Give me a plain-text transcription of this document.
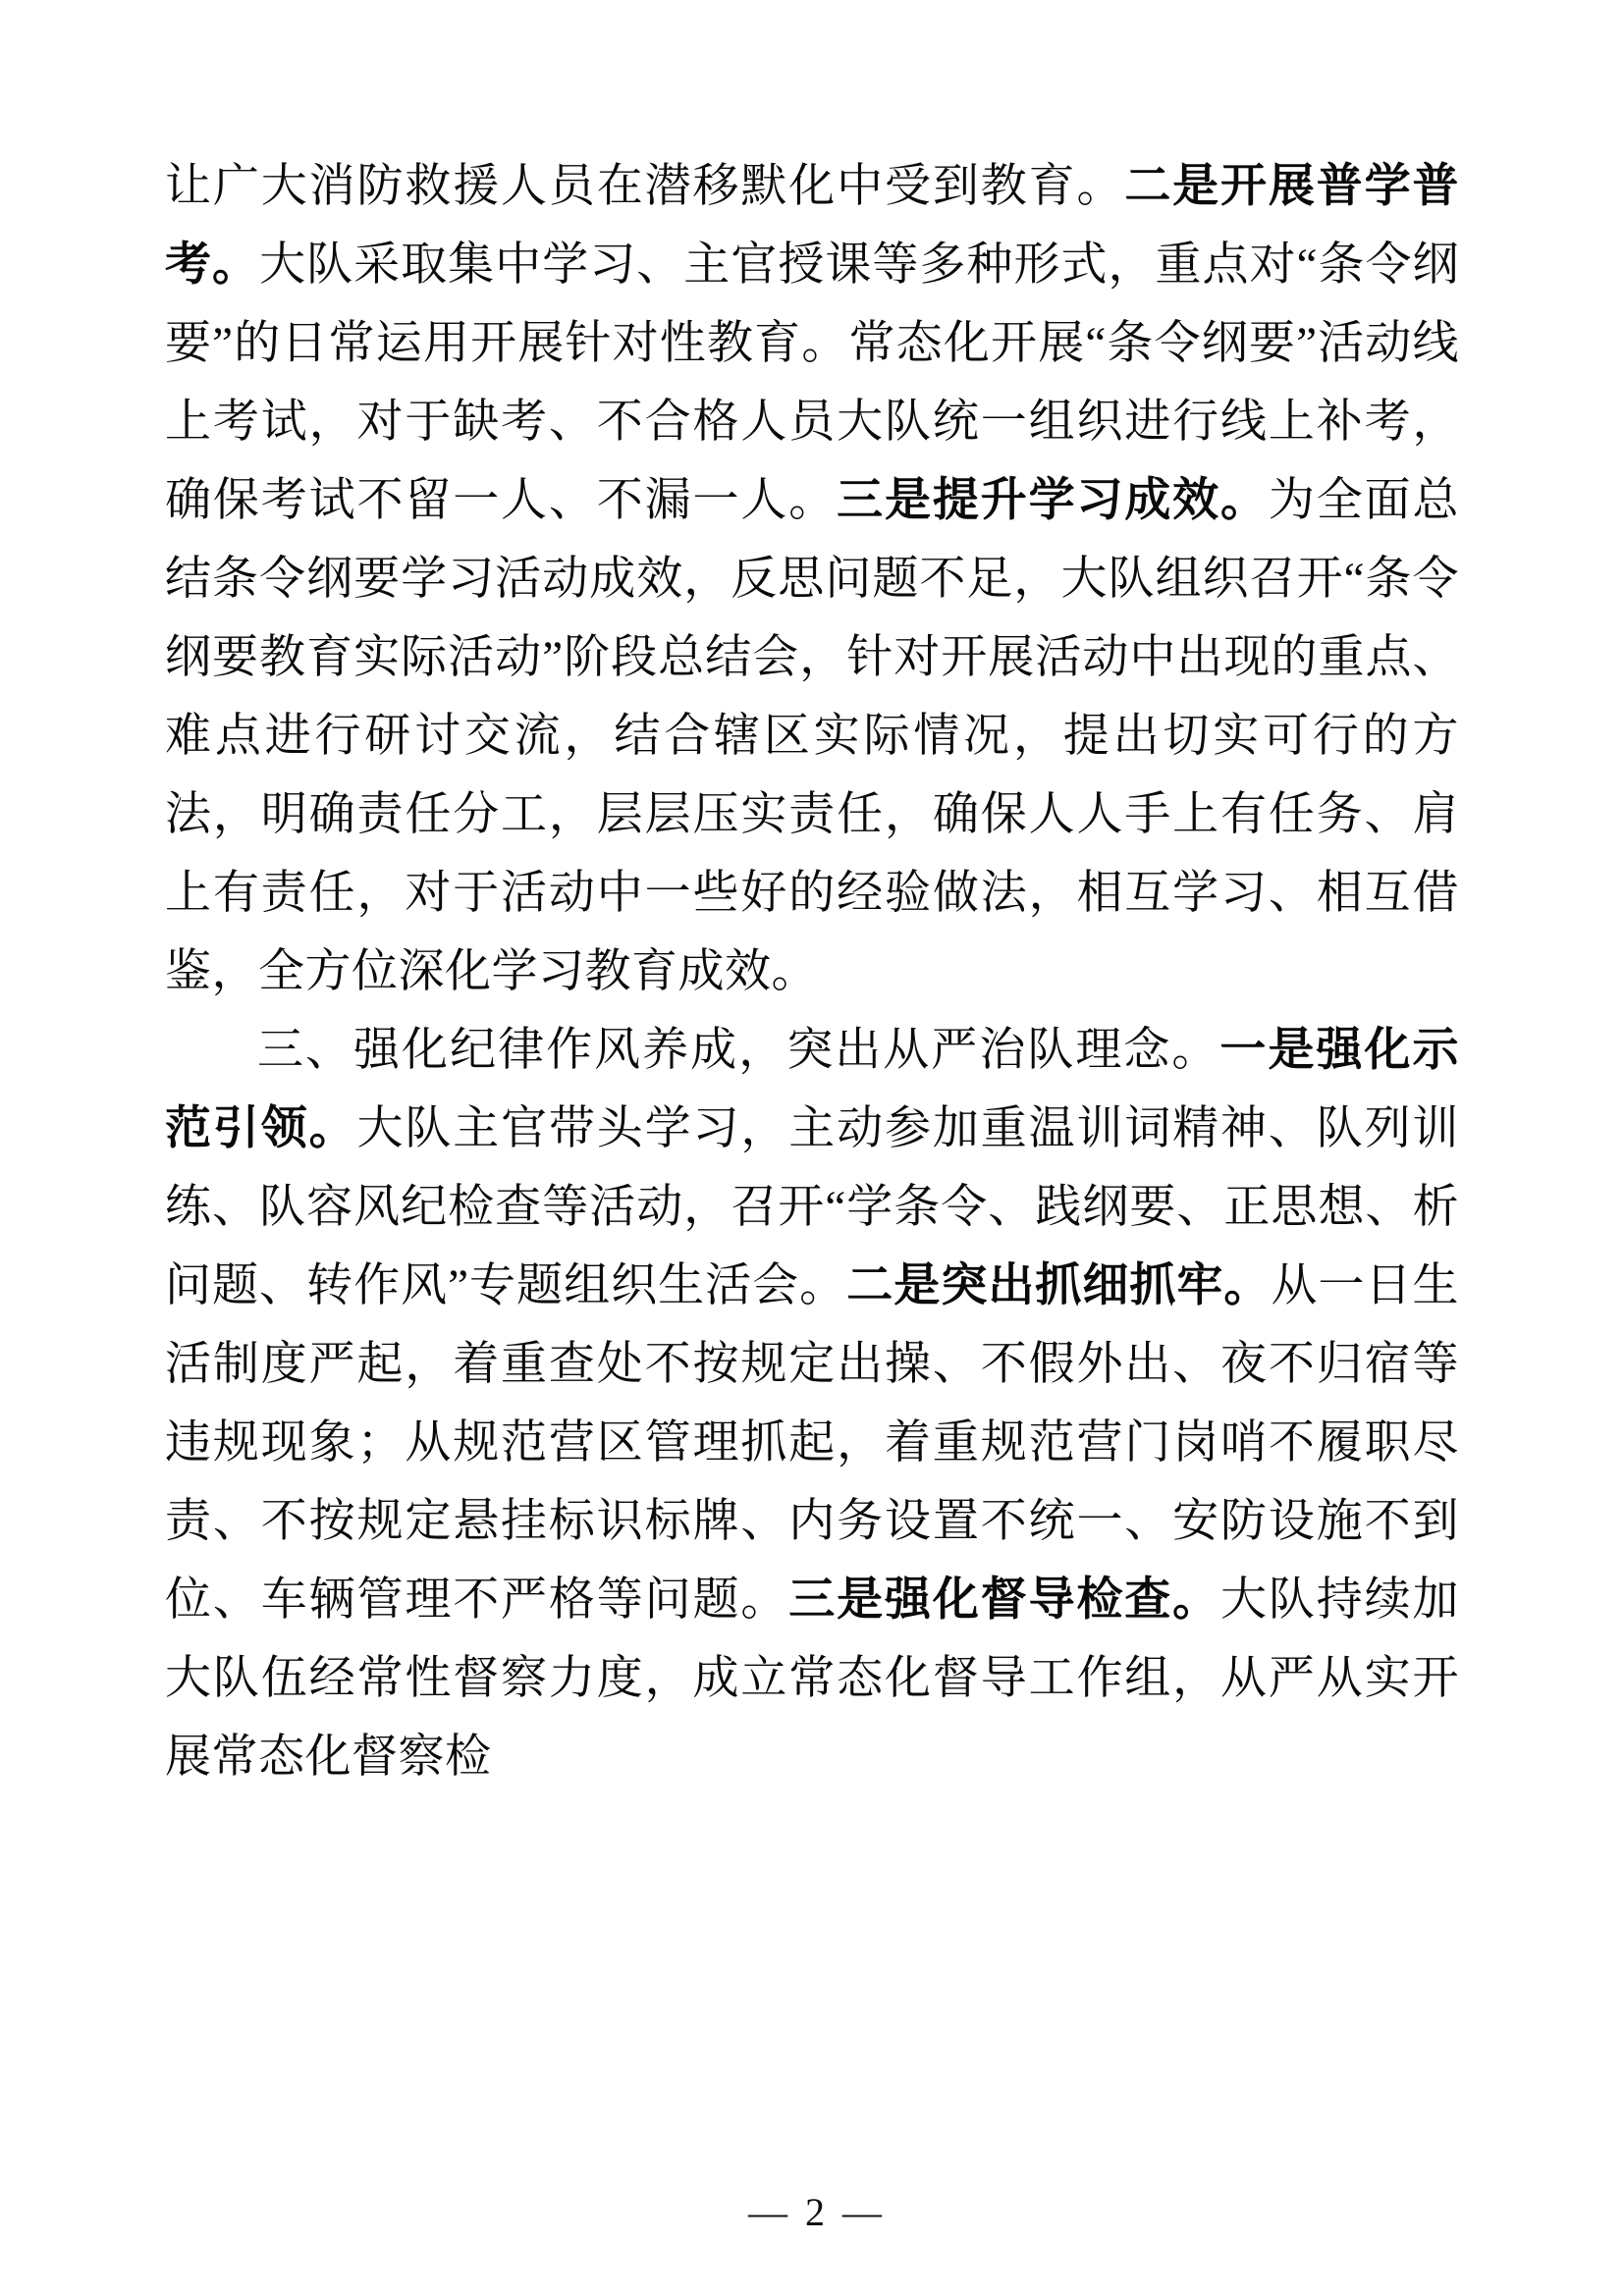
让广大消防救援人员在潜移默化中受到教育。二是开展普学普考。大队采取集中学习、主官授课等多种形式，重点对“条令纲要”的日常运用开展针对性教育。常态化开展“条令纲要”活动线上考试，对于缺考、不合格人员大队统一组织进行线上补考，确保考试不留一人、不漏一人。三是提升学习成效。为全面总结条令纲要学习活动成效，反思问题不足，大队组织召开“条令纲要教育实际活动”阶段总结会，针对开展活动中出现的重点、难点进行研讨交流，结合辖区实际情况，提出切实可行的方法，明确责任分工，层层压实责任，确保人人手上有任务、肩上有责任，对于活动中一些好的经验做法，相互学习、相互借鉴，全方位深化学习教育成效。

三、强化纪律作风养成，突出从严治队理念。一是强化示范引领。大队主官带头学习，主动参加重温训词精神、队列训练、队容风纪检查等活动，召开“学条令、践纲要、正思想、析问题、转作风”专题组织生活会。二是突出抓细抓牢。从一日生活制度严起，着重查处不按规定出操、不假外出、夜不归宿等违规现象；从规范营区管理抓起，着重规范营门岗哨不履职尽责、不按规定悬挂标识标牌、内务设置不统一、安防设施不到位、车辆管理不严格等问题。三是强化督导检查。大队持续加大队伍经常性督察力度，成立常态化督导工作组，从严从实开展常态化督察检

— 2 —
